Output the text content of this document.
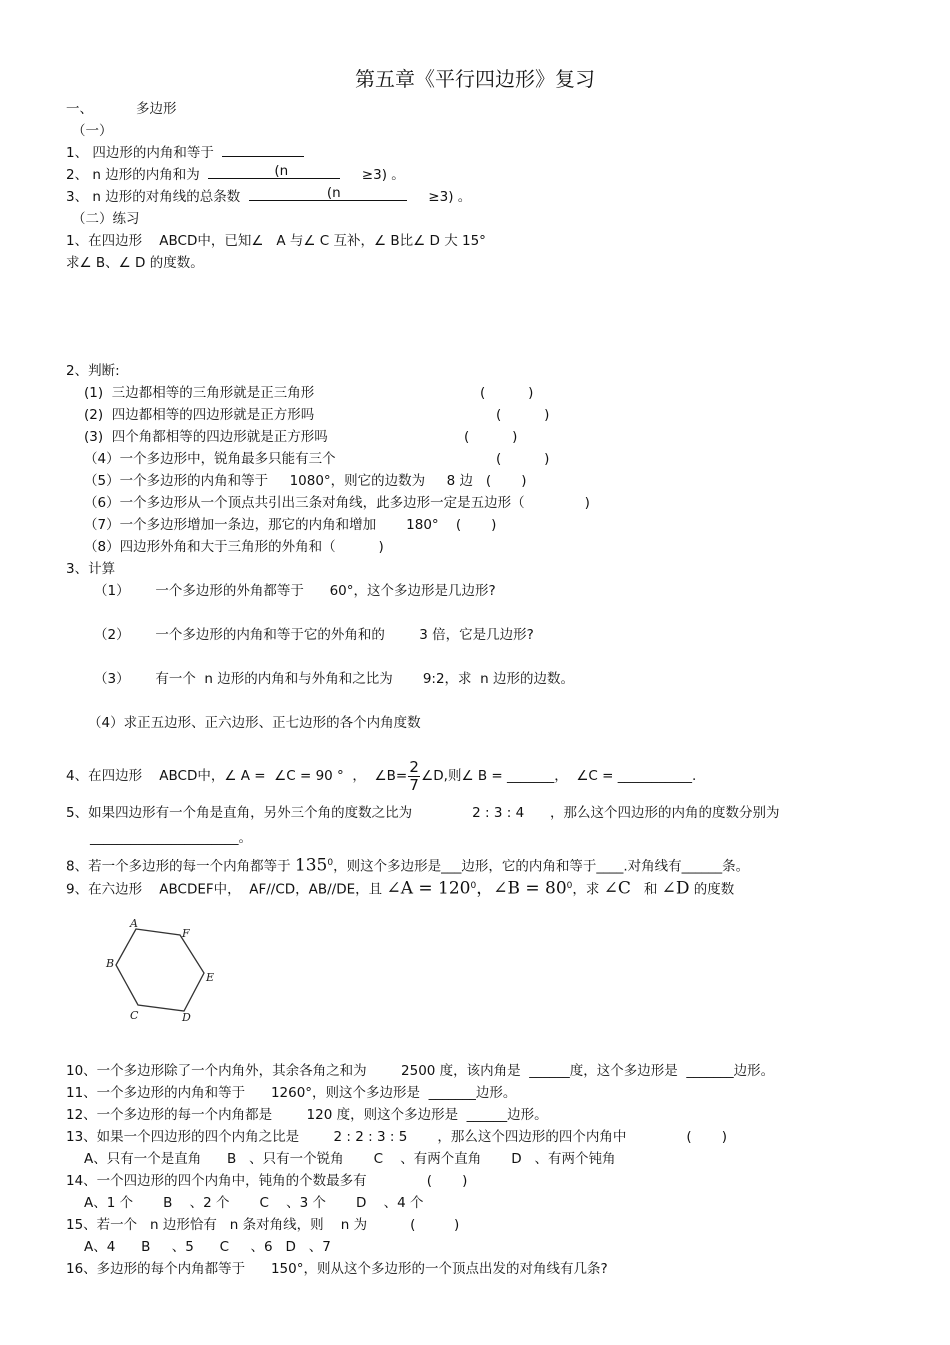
第五章《平行四边形》复习
一、	多边形
（一）
1、 四边形的内角和等于
2、 n 边形的内角和为	(n	≥3) 。
3、 n 边形的对角线的总条数	(n	≥3) 。
（二）练习
1、在四边形 ABCD中，已知∠ A 与∠ C 互补，∠ B比∠ D 大 15°
求∠ B、∠ D 的度数。
2、判断:
(1)  三边都相等的三角形就是正三角形	(          )
(2)  四边都相等的四边形就是正方形吗	(          )
(3)  四个角都相等的四边形就是正方形吗	(          )
（4）一个多边形中，锐角最多只能有三个	(          )
（5）一个多边形的内角和等于 1080°，则它的边数为 8 边 (       )
（6）一个多边形从一个顶点共引出三条对角线，此多边形一定是五边形（	)
（7）一个多边形增加一条边，那它的内角和增加 180° (       )
（8）四边形外角和大于三角形的外角和（	)
3、计算
（1） 一个多边形的外角都等于 60°，这个多边形是几边形?
（2） 一个多边形的内角和等于它的外角和的	3 倍，它是几边形?
（3） 有一个  n 边形的内角和与外角和之比为 9:2，求  n 边形的边数。
（4）求正五边形、正六边形、正七边形的各个内角度数
4、在四边形 ABCD中，∠ A =  ∠C = 90 °  ，  ∠B= $\frac{2}{7}$ ∠D,则∠ B = _______，  ∠C = ___________.
5、如果四边形有一个角是直角，另外三个角的度数之比为	2 : 3 : 4 ，那么这个四边形的内角的度数分别为
______________________。
8、若一个多边形的每一个内角都等于 $135^0$，则这个多边形是___边形，它的内角和等于____.对角线有______条。
9、在六边形 ABCDEF中，  AF//CD，AB//DE，且 ∠A = $120^0$，∠B = $80^0$，求 ∠C 和 ∠D 的度数
A
F
B
E
C	D
10、一个多边形除了一个内角外，其余各角之和为	2500 度，该内角是  ______度，这个多边形是  _______边形。
11、一个多边形的内角和等于 1260°，则这个多边形是  _______边形。
12、一个多边形的每一个内角都是	120 度，则这个多边形是  ______边形。
13、如果一个四边形的四个内角之比是	2 : 2 : 3 : 5 ，那么这个四边形的四个内角中	(       )
A、只有一个是直角      B   、只有一个锐角       C    、有两个直角       D   、有两个钝角
14、一个四边形的四个内角中，钝角的个数最多有	(       )
A、1 个       B    、2 个       C    、3 个       D    、4 个
15、若一个   n 边形恰有   n 条对角线，则    n 为	(         )
A、4      B     、5      C     、6   D   、7
16、多边形的每个内角都等于 150°，则从这个多边形的一个顶点出发的对角线有几条?
